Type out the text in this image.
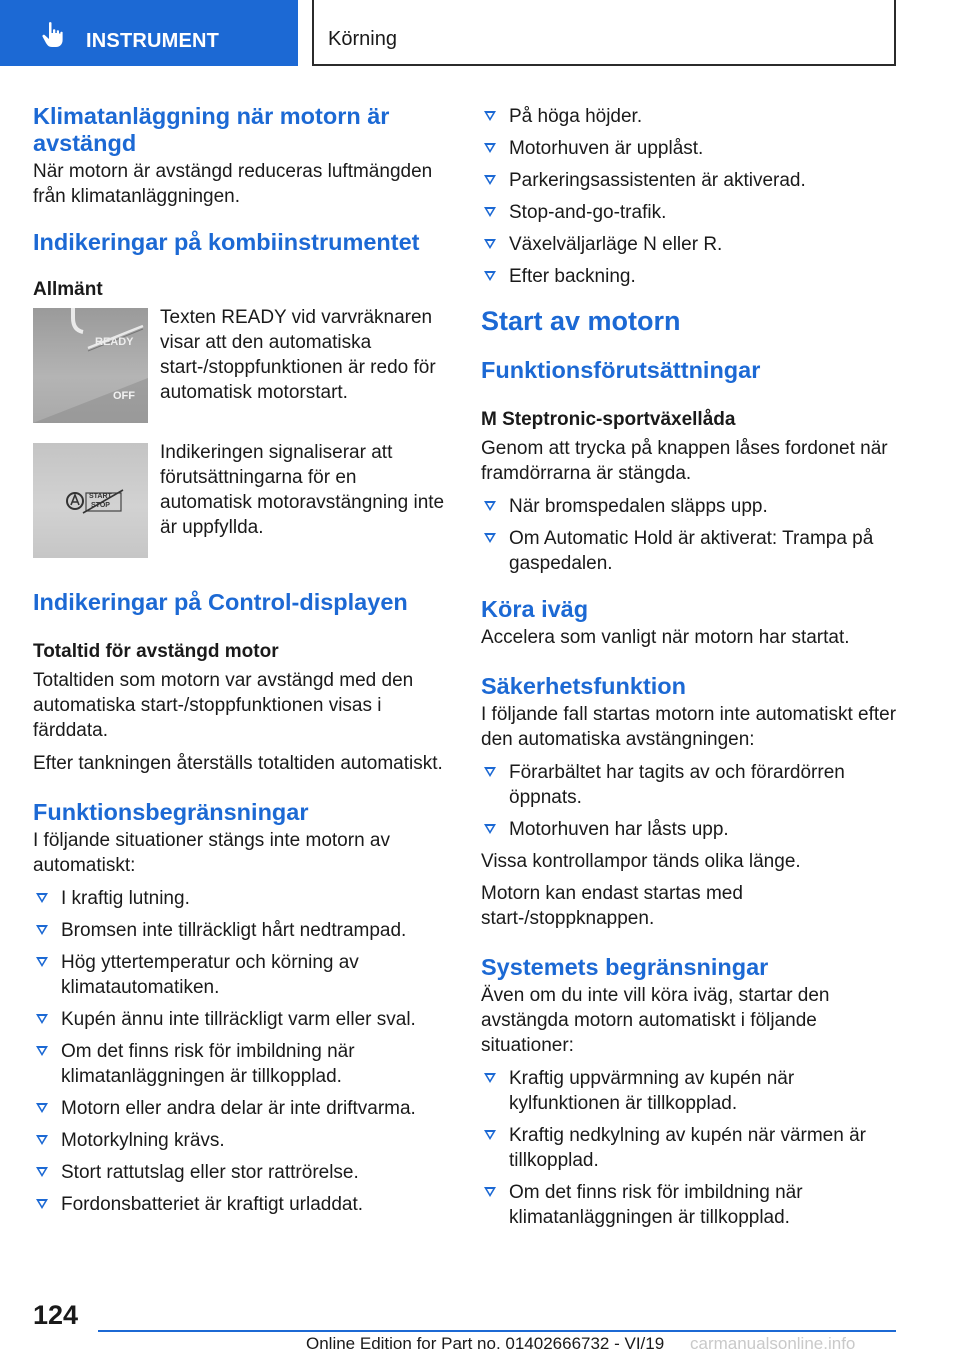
INSTRUMENT	Körning
Klimatanläggning när motorn är avstängd

När motorn är avstängd reduceras luftmängden från klimatanläggningen.

Indikeringar på kombiinstrumentet
Allmänt
READY
OFF

Texten READY vid varvräknaren visar att den automatiska start-/stoppfunktionen är redo för automatisk motorstart.

START
STOP

Indikeringen signaliserar att förutsättningarna för en automatisk motoravstängning inte är uppfyllda.

Indikeringar på Control-displayen
Totaltid för avstängd motor

Totaltiden som motorn var avstängd med den automatiska start-/stoppfunktionen visas i färddata.

Efter tankningen återställs totaltiden automatiskt.

Funktionsbegränsningar

I följande situationer stängs inte motorn av automatiskt:

I kraftig lutning.
Bromsen inte tillräckligt hårt nedtrampad.
Hög yttertemperatur och körning av klimatautomatiken.
Kupén ännu inte tillräckligt varm eller sval.
Om det finns risk för imbildning när klimatanläggningen är tillkopplad.
Motorn eller andra delar är inte driftvarma.
Motorkylning krävs.
Stort rattutslag eller stor rattrörelse.
Fordonsbatteriet är kraftigt urladdat.
På höga höjder.
Motorhuven är upplåst.
Parkeringsassistenten är aktiverad.
Stop-and-go-trafik.
Växelväljarläge N eller R.
Efter backning.
Start av motorn
Funktionsförutsättningar
M Steptronic-sportväxellåda

Genom att trycka på knappen låses fordonet när framdörrarna är stängda.

När bromspedalen släpps upp.
Om Automatic Hold är aktiverat: Trampa på gaspedalen.
Köra iväg

Accelera som vanligt när motorn har startat.

Säkerhetsfunktion

I följande fall startas motorn inte automatiskt efter den automatiska avstängningen:

Förarbältet har tagits av och förardörren öppnats.
Motorhuven har låsts upp.

Vissa kontrollampor tänds olika länge.

Motorn kan endast startas med start-/stoppknappen.

Systemets begränsningar

Även om du inte vill köra iväg, startar den avstängda motorn automatiskt i följande situationer:

Kraftig uppvärmning av kupén när kylfunktionen är tillkopplad.
Kraftig nedkylning av kupén när värmen är tillkopplad.
Om det finns risk för imbildning när klimatanläggningen är tillkopplad.
124
Online Edition for Part no. 01402666732 - VI/19 carmanualsonline.info
